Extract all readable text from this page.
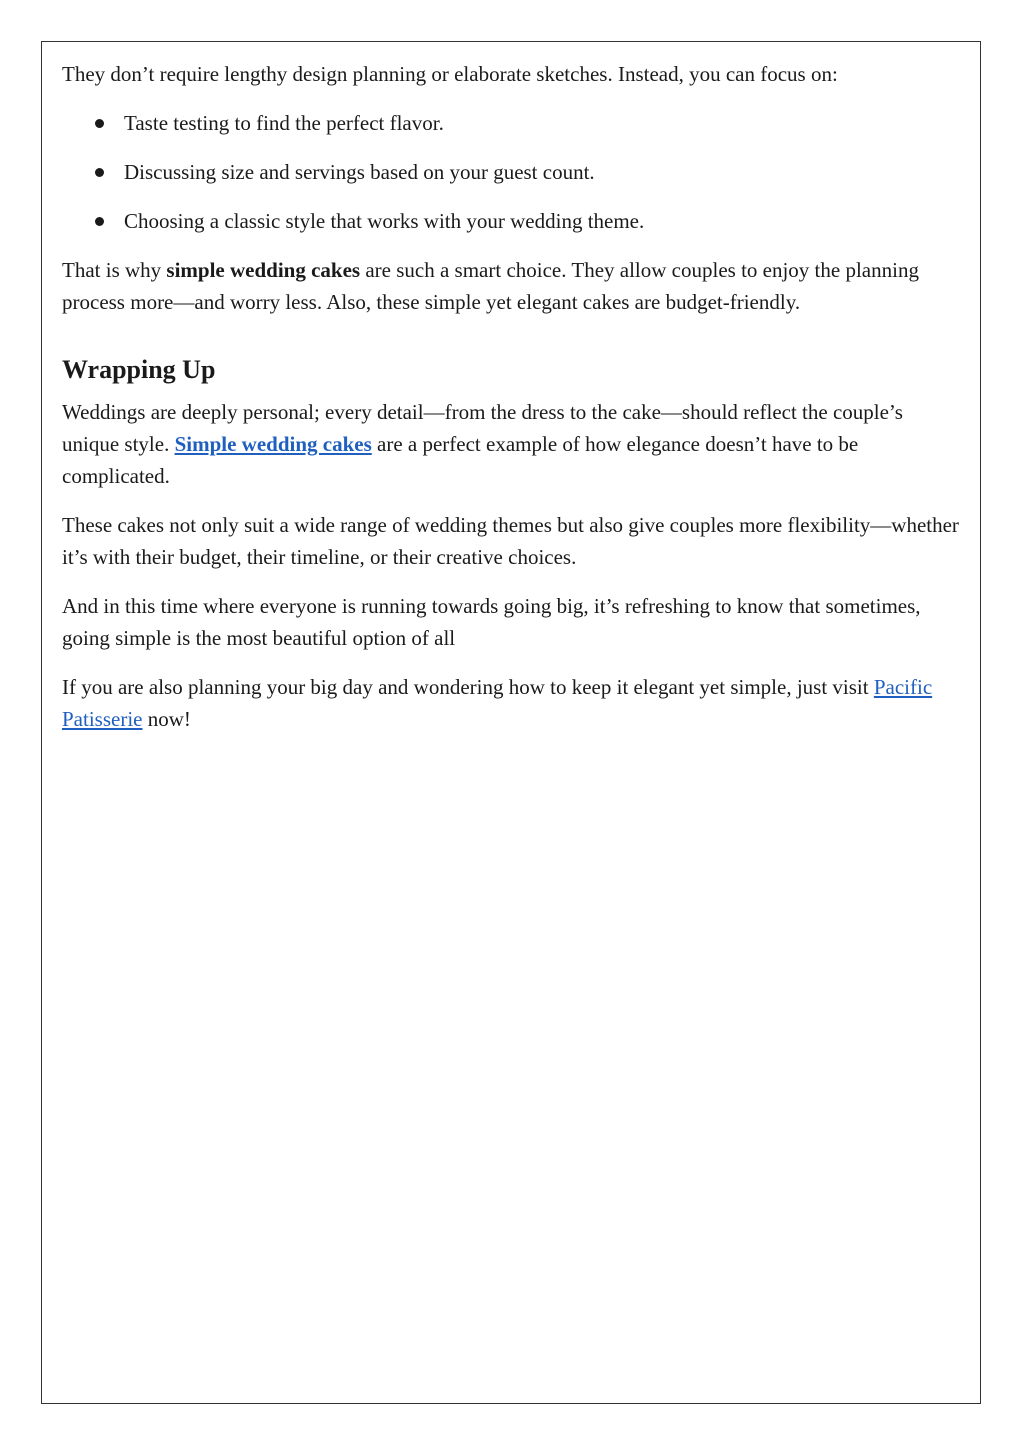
They don’t require lengthy design planning or elaborate sketches. Instead, you can focus on:

Taste testing to find the perfect flavor.
Discussing size and servings based on your guest count.
Choosing a classic style that works with your wedding theme.

That is why simple wedding cakes are such a smart choice. They allow couples to enjoy the planning process more—and worry less. Also, these simple yet elegant cakes are budget-friendly.

Wrapping Up

Weddings are deeply personal; every detail—from the dress to the cake—should reflect the couple’s unique style. Simple wedding cakes are a perfect example of how elegance doesn’t have to be complicated.

These cakes not only suit a wide range of wedding themes but also give couples more flexibility—whether it’s with their budget, their timeline, or their creative choices.

And in this time where everyone is running towards going big, it’s refreshing to know that sometimes, going simple is the most beautiful option of all

If you are also planning your big day and wondering how to keep it elegant yet simple, just visit Pacific Patisserie now!
